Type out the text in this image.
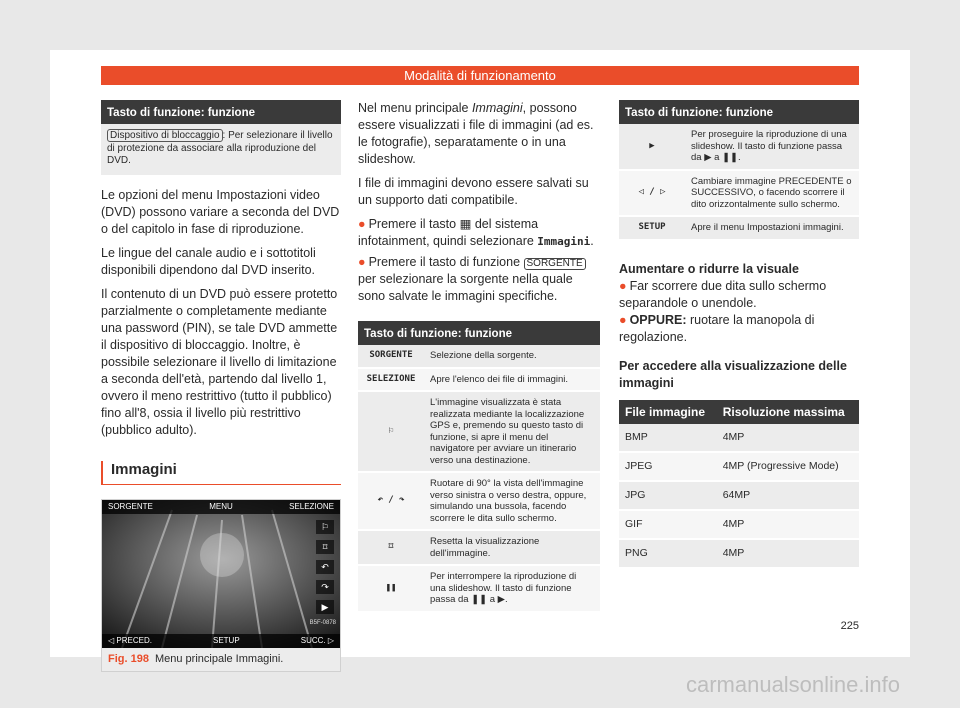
Modalità di funzionamento
Tasto di funzione: funzione
Dispositivo di bloccaggio : Per selezionare il livello di protezione da associare alla riproduzione del DVD.

Le opzioni del menu Impostazioni video (DVD) possono variare a seconda del DVD o del capitolo in fase di riproduzione.

Le lingue del canale audio e i sottotitoli disponibili dipendono dal DVD inserito.

Il contenuto di un DVD può essere protetto parzialmente o completamente mediante una password (PIN), se tale DVD ammette il dispositivo di bloccaggio. Inoltre, è possibile selezionare il livello di limitazione a seconda dell'età, partendo dal livello 1, ovvero il meno restrittivo (tutto il pubblico) fino all'8, ossia il livello più restrittivo (pubblico adulto).

Immagini
SORGENTE	MENU	SELEZIONE
⚐
⌑
↶
↷
▶
B5F-0878
◁ PRECED.	SETUP	SUCC. ▷
Fig. 198 Menu principale Immagini.

Nel menu principale Immagini, possono essere visualizzati i file di immagini (ad es. le fotografie), separatamente o in una slideshow.

I file di immagini devono essere salvati su un supporto dati compatibile.

● Premere il tasto ▦ del sistema infotainment, quindi selezionare Immagini.

● Premere il tasto di funzione SORGENTE per selezionare la sorgente nella quale sono salvate le immagini specifiche.

Tasto di funzione: funzione
SORGENTE	Selezione della sorgente.
SELEZIONE	Apre l'elenco dei file di immagini.
⚐	L'immagine visualizzata è stata realizzata mediante la localizzazione GPS e, premendo su questo tasto di funzione, si apre il menu del navigatore per avviare un itinerario verso una destinazione.
↶ / ↷	Ruotare di 90° la vista dell'immagine verso sinistra o verso destra, oppure, simulando una bussola, facendo scorrere le dita sullo schermo.
⌑	Resetta la visualizzazione dell'immagine.
❚❚	Per interrompere la riproduzione di una slideshow. Il tasto di funzione passa da ❚❚ a ▶.
Tasto di funzione: funzione
▶	Per proseguire la riproduzione di una slideshow. Il tasto di funzione passa da ▶ a ❚❚.
◁ / ▷	Cambiare immagine PRECEDENTE o SUCCESSIVO, o facendo scorrere il dito orizzontalmente sullo schermo.
SETUP	Apre il menu Impostazioni immagini.

Aumentare o ridurre la visuale

● Far scorrere due dita sullo schermo separandole o unendole.

● OPPURE: ruotare la manopola di regolazione.

Per accedere alla visualizzazione delle immagini

File immagine	Risoluzione massima
BMP	4MP
JPEG	4MP (Progressive Mode)
JPG	64MP
GIF	4MP
PNG	4MP
225
carmanualsonline.info
